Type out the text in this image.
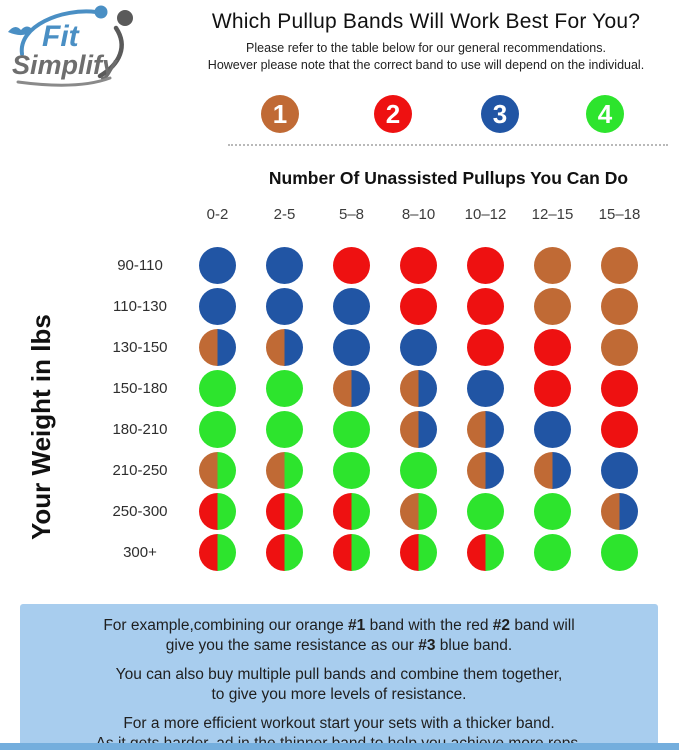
Fit
Simplify
Which Pullup Bands Will Work Best For You?
Please refer to the table below for our general recommendations.
However please note that the correct band to use will depend on the individual.
1	2	3	4
Number Of Unassisted Pullups You Can Do
0-2	2-5	5–8	8–10	10–12	12–15	15–18
90-110
110-130
130-150
150-180
180-210
210-250
250-300
300+
Your Weight in lbs

For example,combining our orange #1 band with the red #2 band will
give you the same resistance as our #3 blue band.

You can also buy multiple pull bands and combine them together,
to give you more levels of resistance.

For a more efficient workout start your sets with a thicker band.
